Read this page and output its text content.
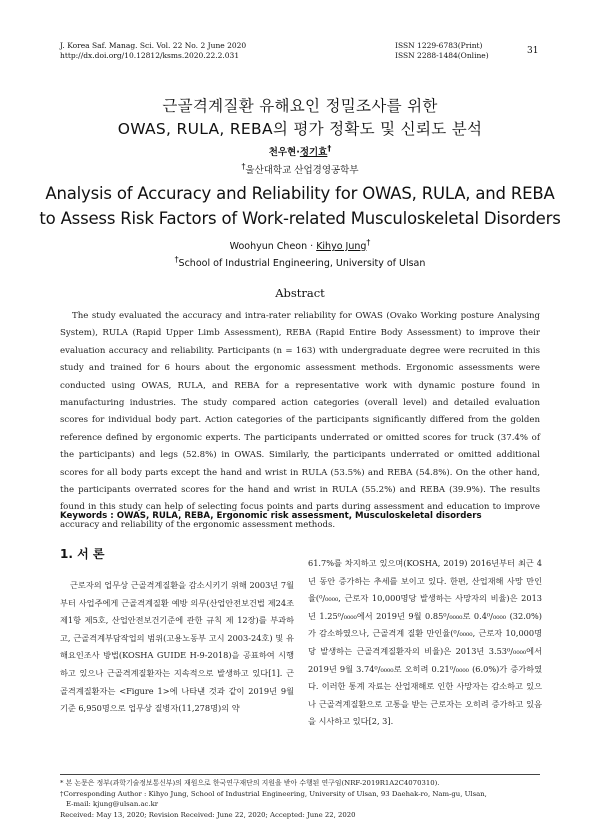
J. Korea Saf. Manag. Sci. Vol. 22 No. 2 June 2020
http://dx.doi.org/10.12812/ksms.2020.22.2.031
ISSN 1229-6783(Print)
ISSN 2288-1484(Online)	31
근골격계질환 유해요인 정밀조사를 위한
OWAS, RULA, REBA의 평가 정확도 및 신뢰도 분석
천우현·정기효†
†울산대학교 산업경영공학부
Analysis of Accuracy and Reliability for OWAS, RULA, and REBA
to Assess Risk Factors of Work-related Musculoskeletal Disorders
Woohyun Cheon · Kihyo Jung†
†School of Industrial Engineering, University of Ulsan
Abstract
The study evaluated the accuracy and intra-rater reliability for OWAS (Ovako Working posture Analysing System), RULA (Rapid Upper Limb Assessment), REBA (Rapid Entire Body Assessment) to improve their evaluation accuracy and reliability. Participants (n = 163) with undergraduate degree were recruited in this study and trained for 6 hours about the ergonomic assessment methods. Ergonomic assessments were conducted using OWAS, RULA, and REBA for a representative work with dynamic posture found in manufacturing industries. The study compared action categories (overall level) and detailed evaluation scores for individual body part. Action categories of the participants significantly differed from the golden reference defined by ergonomic experts. The participants underrated or omitted scores for truck (37.4% of the participants) and legs (52.8%) in OWAS. Similarly, the participants underrated or omitted additional scores for all body parts except the hand and wrist in RULA (53.5%) and REBA (54.8%). On the other hand, the participants overrated scores for the hand and wrist in RULA (55.2%) and REBA (39.9%). The results found in this study can help of selecting focus points and parts during assessment and education to improve accuracy and reliability of the ergonomic assessment methods.
Keywords : OWAS, RULA, REBA, Ergonomic risk assessment, Musculoskeletal disorders
1. 서 론
근로자의 업무상 근골격계질환을 감소시키기 위해 2003년 7월부터 사업주에게 근골격계질환 예방 의무(산업안전보건법 제24조 제1항 제5호, 산업안전보건기준에 관한 규칙 제 12장)를 부과하고, 근골격계부담작업의 범위(고용노동부 고시 2003-24호) 및 유해요인조사 방법(KOSHA GUIDE H-9-2018)을 공표하여 시행하고 있으나 근골격계질환자는 지속적으로 발생하고 있다[1]. 근골격계질환자는 <Figure 1>에 나타낸 것과 같이 2019년 9월 기준 6,950명으로 업무상 질병자(11,278명)의 약
61.7%를 차지하고 있으며(KOSHA, 2019) 2016년부터 최근 4년 동안 증가하는 추세를 보이고 있다. 한편, 산업재해 사망 만인율(⁰/₀₀₀₀, 근로자 10,000명당 발생하는 사망자의 비율)은 2013년 1.25⁰/₀₀₀₀에서 2019년 9월 0.85⁰/₀₀₀₀로 0.4⁰/₀₀₀₀ (32.0%)가 감소하였으나, 근골격계 질환 만인율(⁰/₀₀₀₀, 근로자 10,000명당 발생하는 근골격계질환자의 비율)은 2013년 3.53⁰/₀₀₀₀에서 2019년 9월 3.74⁰/₀₀₀₀로 오히려 0.21⁰/₀₀₀₀ (6.0%)가 증가하였다. 이러한 통계 자료는 산업재해로 인한 사망자는 감소하고 있으나 근골격계질환으로 고통을 받는 근로자는 오히려 증가하고 있음을 시사하고 있다[2, 3].
* 본 논문은 정부(과학기술정보통신부)의 재원으로 한국연구재단의 지원을 받아 수행된 연구임(NRF-2019R1A2C4070310).
†Corresponding Author : Kihyo Jung, School of Industrial Engineering, University of Ulsan, 93 Daehak-ro, Nam-gu, Ulsan,
E-mail: kjung@ulsan.ac.kr
Received: May 13, 2020; Revision Received: June 22, 2020; Accepted: June 22, 2020
